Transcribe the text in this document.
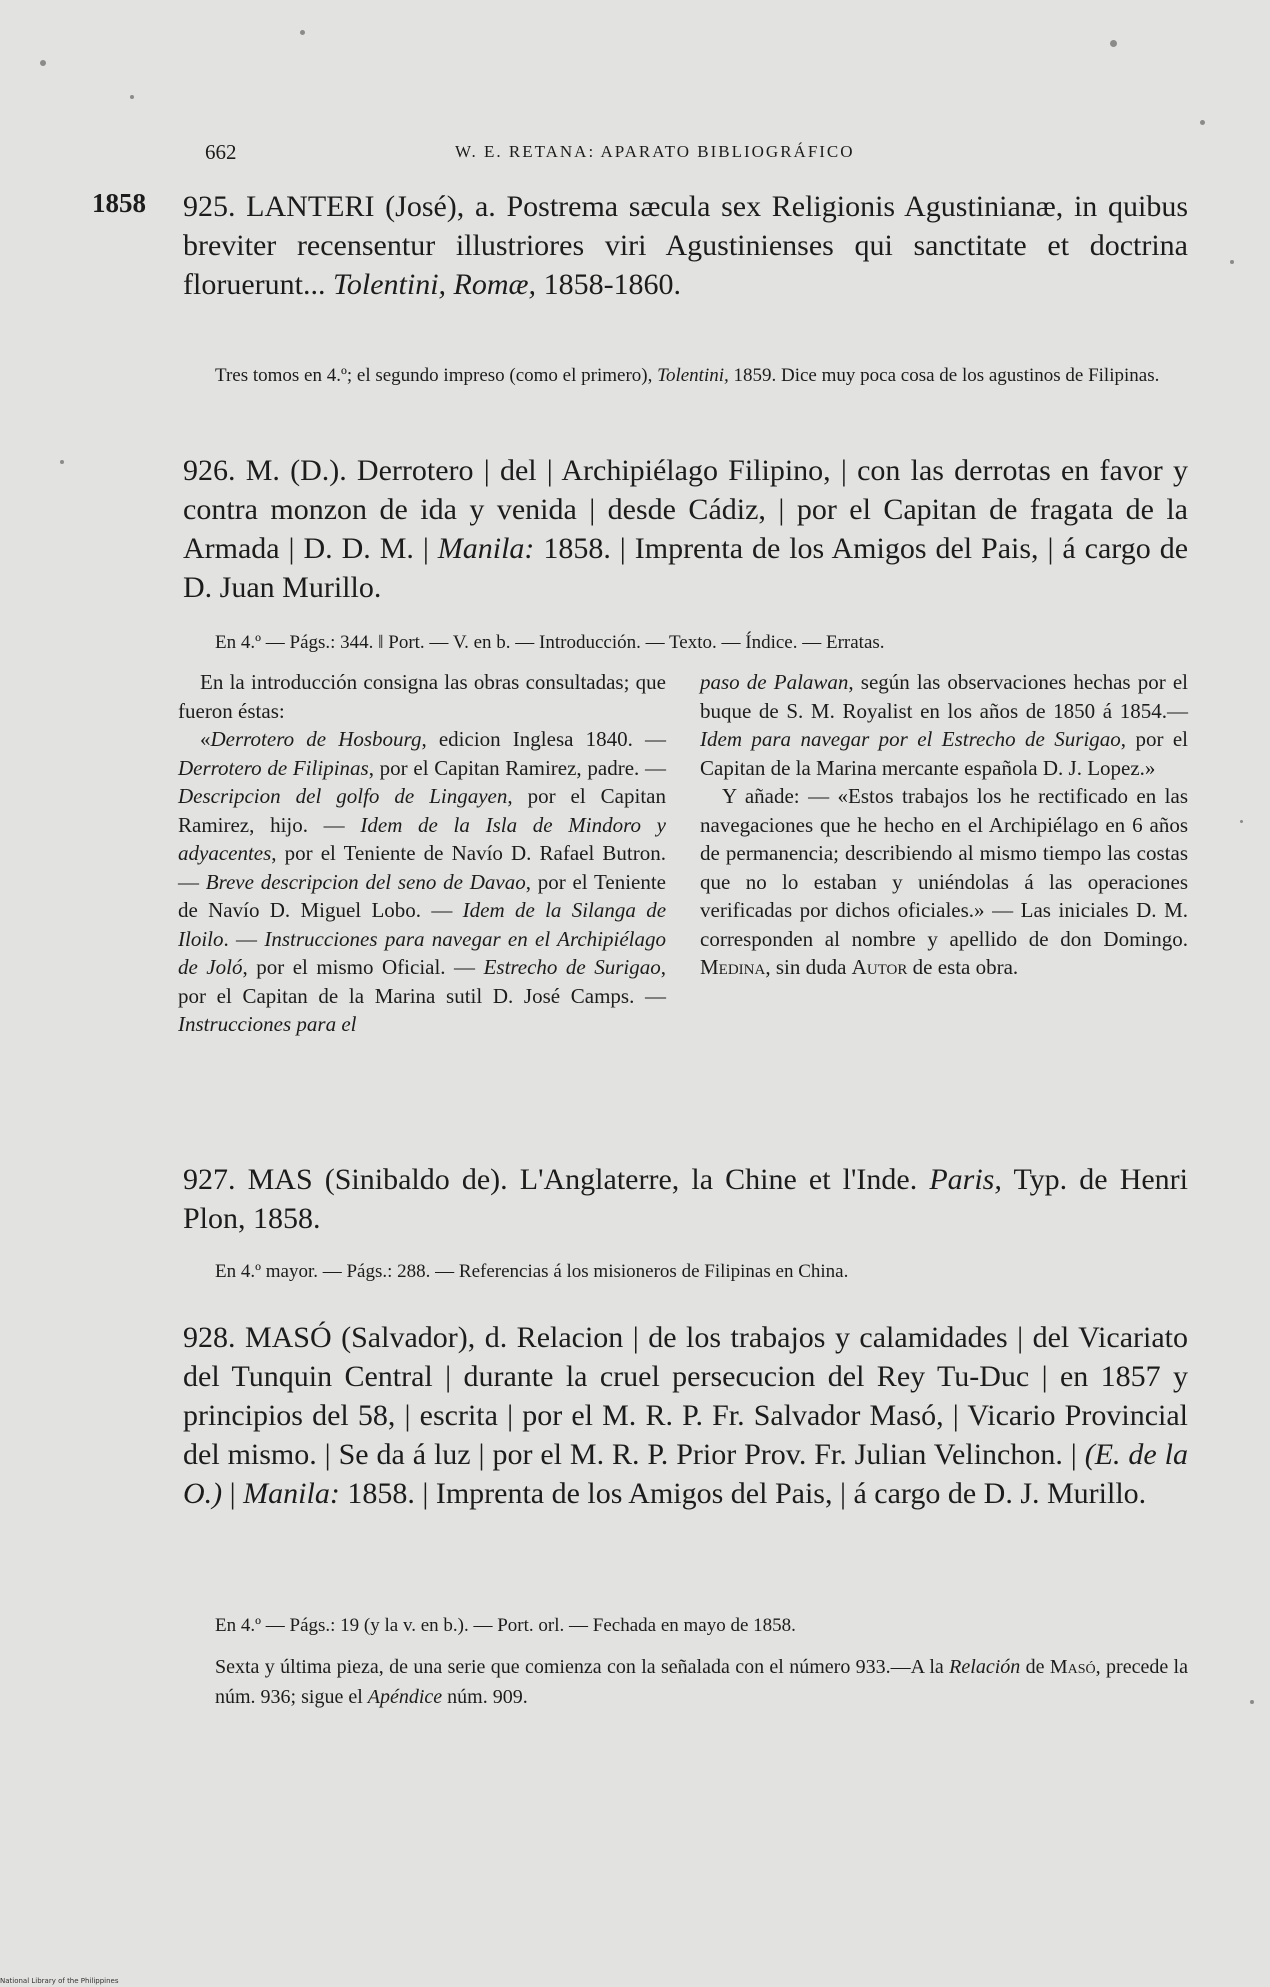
662	W. E. RETANA: APARATO BIBLIOGRÁFICO
1858 925. LANTERI (José), a. Postrema sæcula sex Religionis Agustinianæ, in quibus breviter recensentur illustriores viri Agustinienses qui sanctitate et doctrina floruerunt... Tolentini, Romæ, 1858-1860.
Tres tomos en 4.º; el segundo impreso (como el primero), Tolentini, 1859. Dice muy poca cosa de los agustinos de Filipinas.
926. M. (D.). Derrotero | del | Archipiélago Filipino, | con las derrotas en favor y contra monzon de ida y venida | desde Cádiz, | por el Capitan de fragata de la Armada | D. D. M. | Manila: 1858. | Imprenta de los Amigos del Pais, | á cargo de D. Juan Murillo.
En 4.º — Págs.: 344. ‖ Port. — V. en b. — Introducción. — Texto. — Índice. — Erratas.

En la introducción consigna las obras consultadas; que fueron éstas:

«Derrotero de Hosbourg, edicion Inglesa 1840. — Derrotero de Filipinas, por el Capitan Ramirez, padre. — Descripcion del golfo de Lingayen, por el Capitan Ramirez, hijo. — Idem de la Isla de Mindoro y adyacentes, por el Teniente de Navío D. Rafael Butron. — Breve descripcion del seno de Davao, por el Teniente de Navío D. Miguel Lobo. — Idem de la Silanga de Iloilo. — Instrucciones para navegar en el Archipiélago de Joló, por el mismo Oficial. — Estrecho de Surigao, por el Capitan de la Marina sutil D. José Camps. — Instrucciones para el

paso de Palawan, según las observaciones hechas por el buque de S. M. Royalist en los años de 1850 á 1854.—Idem para navegar por el Estrecho de Surigao, por el Capitan de la Marina mercante española D. J. Lopez.»

Y añade: — «Estos trabajos los he rectificado en las navegaciones que he hecho en el Archipiélago en 6 años de permanencia; describiendo al mismo tiempo las costas que no lo estaban y uniéndolas á las operaciones verificadas por dichos oficiales.» — Las iniciales D. M. corresponden al nombre y apellido de don Domingo. Medina, sin duda Autor de esta obra.

927. MAS (Sinibaldo de). L'Anglaterre, la Chine et l'Inde. Paris, Typ. de Henri Plon, 1858.
En 4.º mayor. — Págs.: 288. — Referencias á los misioneros de Filipinas en China.
928. MASÓ (Salvador), d. Relacion | de los trabajos y calamidades | del Vicariato del Tunquin Central | durante la cruel persecucion del Rey Tu-Duc | en 1857 y principios del 58, | escrita | por el M. R. P. Fr. Salvador Masó, | Vicario Provincial del mismo. | Se da á luz | por el M. R. P. Prior Prov. Fr. Julian Velinchon. | (E. de la O.) | Manila: 1858. | Imprenta de los Amigos del Pais, | á cargo de D. J. Murillo.
En 4.º — Págs.: 19 (y la v. en b.). — Port. orl. — Fechada en mayo de 1858.
Sexta y última pieza, de una serie que comienza con la señalada con el número 933.—A la Relación de Masó, precede la núm. 936; sigue el Apéndice núm. 909.
National Library of the Philippines
